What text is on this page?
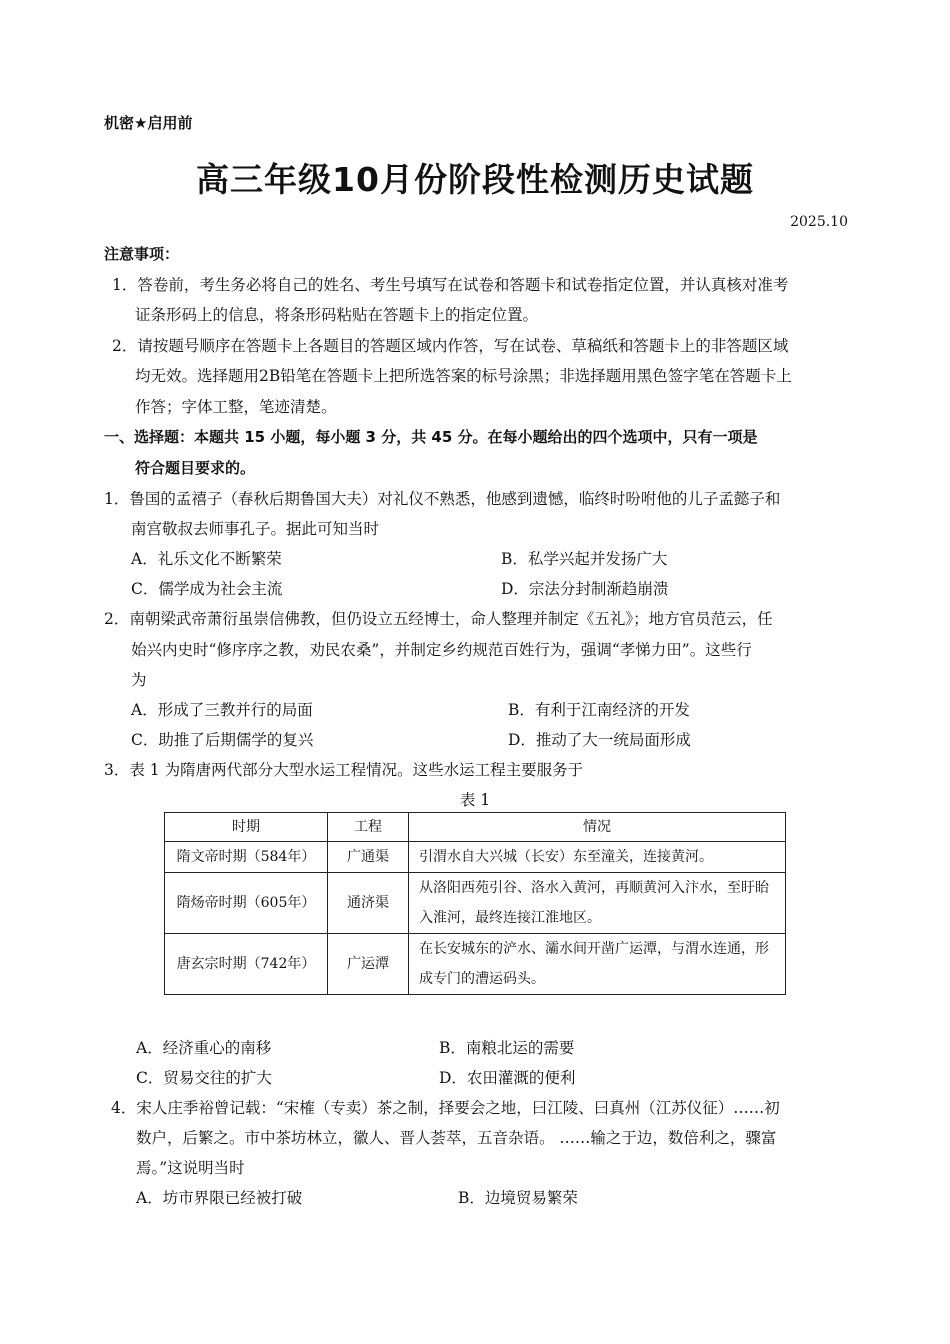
机密★启用前
高三年级10月份阶段性检测历史试题
2025.10
注意事项：
1．答卷前，考生务必将自己的姓名、考生号填写在试卷和答题卡和试卷指定位置，并认真核对准考
证条形码上的信息，将条形码粘贴在答题卡上的指定位置。
2．请按题号顺序在答题卡上各题目的答题区域内作答，写在试卷、草稿纸和答题卡上的非答题区域
均无效。选择题用2B铅笔在答题卡上把所选答案的标号涂黑；非选择题用黑色签字笔在答题卡上
作答；字体工整，笔迹清楚。
一、选择题：本题共 15 小题，每小题 3 分，共 45 分。在每小题给出的四个选项中，只有一项是
符合题目要求的。
1．鲁国的孟禧子（春秋后期鲁国大夫）对礼仪不熟悉，他感到遗憾，临终时吩咐他的儿子孟懿子和
南宫敬叔去师事孔子。据此可知当时
A．礼乐文化不断繁荣	B．私学兴起并发扬广大
C．儒学成为社会主流	D．宗法分封制渐趋崩溃
2．南朝梁武帝萧衍虽崇信佛教，但仍设立五经博士，命人整理并制定《五礼》；地方官员范云，任
始兴内史时“修序序之教，劝民农桑”，并制定乡约规范百姓行为，强调“孝悌力田”。这些行
为
A．形成了三教并行的局面	B．有利于江南经济的开发
C．助推了后期儒学的复兴	D．推动了大一统局面形成
3．表 1 为隋唐两代部分大型水运工程情况。这些水运工程主要服务于
表 1
时期	工程	情况
隋文帝时期（584年）	广通渠	引渭水自大兴城（长安）东至潼关，连接黄河。
隋炀帝时期（605年）	通济渠	从洛阳西苑引谷、洛水入黄河，再顺黄河入汴水，至盱眙入淮河，最终连接江淮地区。
唐玄宗时期（742年）	广运潭	在长安城东的浐水、灞水间开凿广运潭，与渭水连通，形成专门的漕运码头。
A．经济重心的南移	B．南粮北运的需要
C．贸易交往的扩大	D．农田灌溉的便利
4．宋人庄季裕曾记载：“宋榷（专卖）茶之制，择要会之地，曰江陵、曰真州（江苏仪征）……初
数户，后繁之。市中茶坊林立，徽人、晋人荟萃，五音杂语。 ……输之于边，数倍利之，骤富
焉。”这说明当时
A．坊市界限已经被打破	B．边境贸易繁荣
